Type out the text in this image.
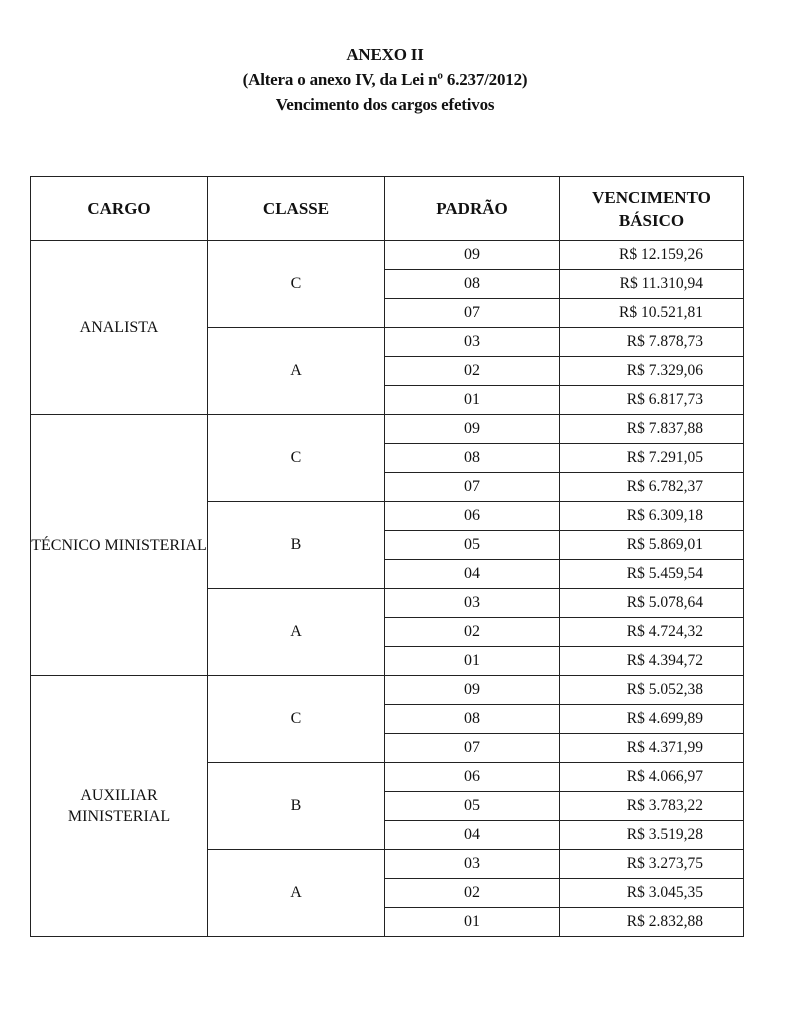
ANEXO II
(Altera o anexo IV, da Lei nº 6.237/2012)
Vencimento dos cargos efetivos
CARGO	CLASSE	PADRÃO	VENCIMENTO BÁSICO
ANALISTA	C	09	R$ 12.159,26
		08	R$ 11.310,94
		07	R$ 10.521,81
	A	03	R$ 7.878,73
		02	R$ 7.329,06
		01	R$ 6.817,73
TÉCNICO MINISTERIAL	C	09	R$ 7.837,88
		08	R$ 7.291,05
		07	R$ 6.782,37
	B	06	R$ 6.309,18
		05	R$ 5.869,01
		04	R$ 5.459,54
	A	03	R$ 5.078,64
		02	R$ 4.724,32
		01	R$ 4.394,72
AUXILIAR MINISTERIAL	C	09	R$ 5.052,38
		08	R$ 4.699,89
		07	R$ 4.371,99
	B	06	R$ 4.066,97
		05	R$ 3.783,22
		04	R$ 3.519,28
	A	03	R$ 3.273,75
		02	R$ 3.045,35
		01	R$ 2.832,88
